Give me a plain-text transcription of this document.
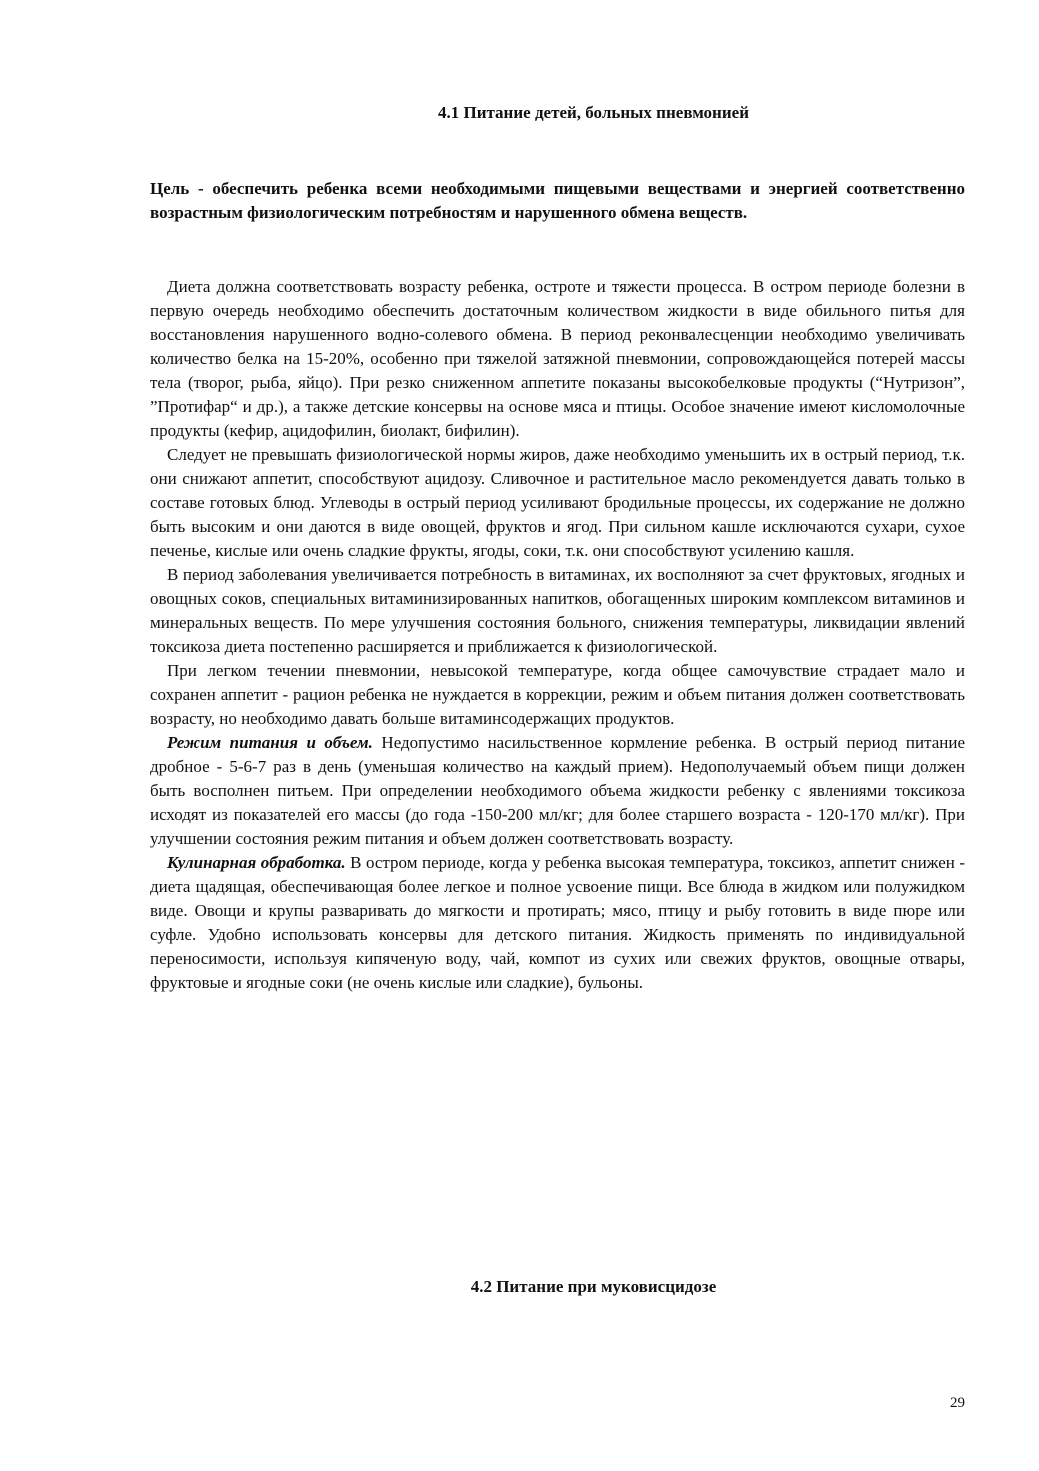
4.1 Питание детей, больных пневмонией
Цель - обеспечить ребенка всеми необходимыми пищевыми веществами и энергией соответственно возрастным физиологическим потребностям и нарушенного обмена веществ.

Диета должна соответствовать возрасту ребенка, остроте и тяжести процесса. В остром периоде болезни в первую очередь необходимо обеспечить достаточным количеством жидкости в виде обильного питья для восстановления нарушенного водно-солевого обмена. В период реконвалесценции необходимо увеличивать количество белка на 15-20%, особенно при тяжелой затяжной пневмонии, сопровождающейся потерей массы тела (творог, рыба, яйцо). При резко сниженном аппетите показаны высокобелковые продукты (“Нутризон”, ”Протифар“ и др.), а также детские консервы на основе мяса и птицы. Особое значение имеют кисломолочные продукты (кефир, ацидофилин, биолакт, бифилин).

Следует не превышать физиологической нормы жиров, даже необходимо уменьшить их в острый период, т.к. они снижают аппетит, способствуют ацидозу. Сливочное и растительное масло рекомендуется давать только в составе готовых блюд. Углеводы в острый период усиливают бродильные процессы, их содержание не должно быть высоким и они даются в виде овощей, фруктов и ягод. При сильном кашле исключаются сухари, сухое печенье, кислые или очень сладкие фрукты, ягоды, соки, т.к. они способствуют усилению кашля.

В период заболевания увеличивается потребность в витаминах, их восполняют за счет фруктовых, ягодных и овощных соков, специальных витаминизированных напитков, обогащенных широким комплексом витаминов и минеральных веществ. По мере улучшения состояния больного, снижения температуры, ликвидации явлений токсикоза диета постепенно расширяется и приближается к физиологической.

При легком течении пневмонии, невысокой температуре, когда общее самочувствие страдает мало и сохранен аппетит - рацион ребенка не нуждается в коррекции, режим и объем питания должен соответствовать возрасту, но необходимо давать больше витаминсодержащих продуктов.

Режим питания и объем. Недопустимо насильственное кормление ребенка. В острый период питание дробное - 5-6-7 раз в день (уменьшая количество на каждый прием). Недополучаемый объем пищи должен быть восполнен питьем. При определении необходимого объема жидкости ребенку с явлениями токсикоза исходят из показателей его массы (до года -150-200 мл/кг; для более старшего возраста - 120-170 мл/кг). При улучшении состояния режим питания и объем должен соответствовать возрасту.

Кулинарная обработка. В остром периоде, когда у ребенка высокая температура, токсикоз, аппетит снижен - диета щадящая, обеспечивающая более легкое и полное усвоение пищи. Все блюда в жидком или полужидком виде. Овощи и крупы разваривать до мягкости и протирать; мясо, птицу и рыбу готовить в виде пюре или суфле. Удобно использовать консервы для детского питания. Жидкость применять по индивидуальной переносимости, используя кипяченую воду, чай, компот из сухих или свежих фруктов, овощные отвары, фруктовые и ягодные соки (не очень кислые или сладкие), бульоны.

4.2 Питание при муковисцидозе
29
